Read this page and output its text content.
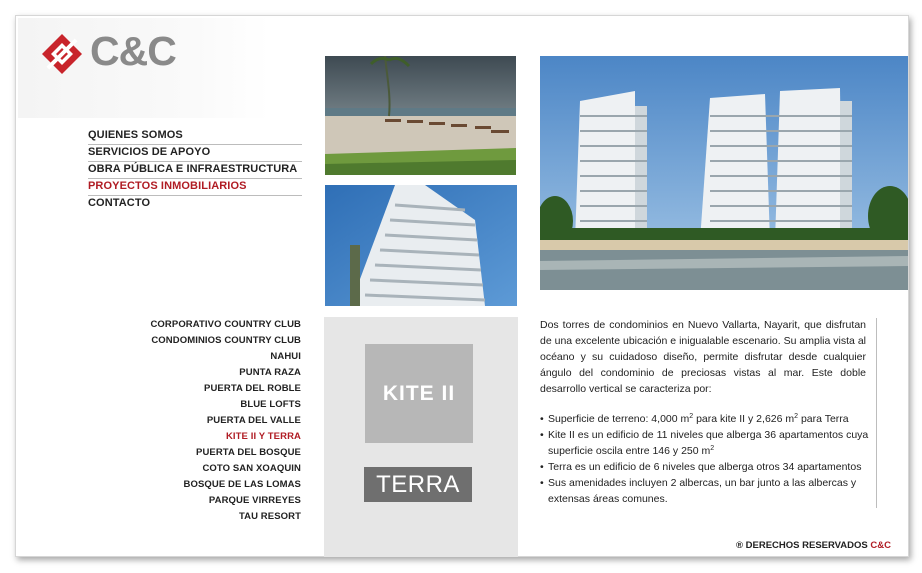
C&C
QUIENES SOMOS
SERVICIOS DE APOYO
OBRA PÚBLICA E INFRAESTRUCTURA
PROYECTOS INMOBILIARIOS
CONTACTO
CORPORATIVO COUNTRY CLUB
CONDOMINIOS COUNTRY CLUB
NAHUI
PUNTA RAZA
PUERTA DEL ROBLE
BLUE LOFTS
PUERTA DEL VALLE
KITE II Y TERRA
PUERTA DEL BOSQUE
COTO SAN XOAQUIN
BOSQUE DE LAS LOMAS
PARQUE VIRREYES
TAU RESORT
KITE II
TERRA
Dos torres de condominios en Nuevo Vallarta, Nayarit, que disfrutan de una excelente ubicación e inigualable escenario. Su amplia vista al océano y su cuidadoso diseño, permite disfrutar desde cualquier ángulo del condominio de preciosas vistas al mar. Este doble desarrollo vertical se caracteriza por:
• Superficie de terreno: 4,000 $m^2$ para kite II y 2,626 $m^2$ para Terra
• Kite II es un edificio de 11 niveles que alberga 36 apartamentos cuya
superficie oscila entre 146 y 250 $m^2$
• Terra es un edificio de 6 niveles que alberga otros 34 apartamentos
• Sus amenidades incluyen 2 albercas, un bar junto a las albercas y
extensas áreas comunes.
® DERECHOS RESERVADOS C&C
